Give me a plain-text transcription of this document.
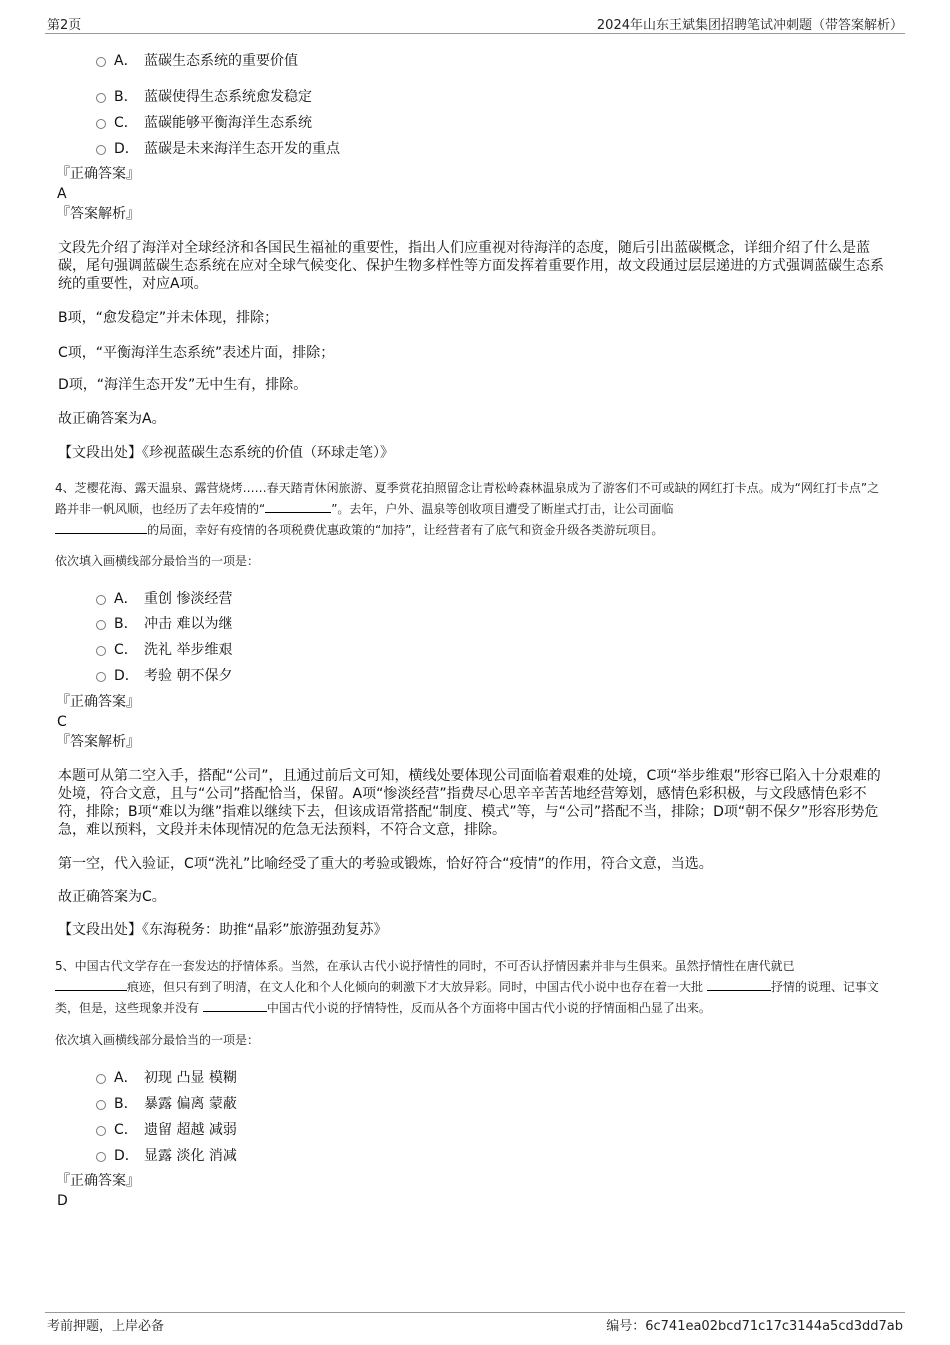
第2页	2024年山东王斌集团招聘笔试冲刺题（带答案解析）
A． 蓝碳生态系统的重要价值
B． 蓝碳使得生态系统愈发稳定
C． 蓝碳能够平衡海洋生态系统
D． 蓝碳是未来海洋生态开发的重点
『正确答案』
A
『答案解析』
文段先介绍了海洋对全球经济和各国民生福祉的重要性，指出人们应重视对待海洋的态度，随后引出蓝碳概念，详细介绍了什么是蓝碳，尾句强调蓝碳生态系统在应对全球气候变化、保护生物多样性等方面发挥着重要作用，故文段通过层层递进的方式强调蓝碳生态系统的重要性，对应A项。
B项，“愈发稳定”并未体现，排除；
C项，“平衡海洋生态系统”表述片面，排除；
D项，“海洋生态开发”无中生有，排除。
故正确答案为A。
【文段出处】《珍视蓝碳生态系统的价值（环球走笔）》
4、芝樱花海、露天温泉、露营烧烤……春天踏青休闲旅游、夏季赏花拍照留念让青松岭森林温泉成为了游客们不可或缺的网红打卡点。成为“网红打卡点”之路并非一帆风顺，也经历了去年疫情的“	”。去年，户外、温泉等创收项目遭受了断崖式打击，让公司面临
的局面，幸好有疫情的各项税费优惠政策的“加持”，让经营者有了底气和资金升级各类游玩项目。
依次填入画横线部分最恰当的一项是：
A． 重创 惨淡经营
B． 冲击 难以为继
C． 洗礼 举步维艰
D． 考验 朝不保夕
『正确答案』
C
『答案解析』
本题可从第二空入手，搭配“公司”，且通过前后文可知，横线处要体现公司面临着艰难的处境，C项“举步维艰”形容已陷入十分艰难的处境，符合文意，且与“公司”搭配恰当，保留。A项“惨淡经营”指费尽心思辛辛苦苦地经营筹划，感情色彩积极，与文段感情色彩不符，排除；B项“难以为继”指难以继续下去，但该成语常搭配“制度、模式”等，与“公司”搭配不当，排除；D项“朝不保夕”形容形势危急，难以预料，文段并未体现情况的危急无法预料，不符合文意，排除。
第一空，代入验证，C项“洗礼”比喻经受了重大的考验或锻炼，恰好符合“疫情”的作用，符合文意，当选。
故正确答案为C。
【文段出处】《东海税务：助推“晶彩”旅游强劲复苏》
5、中国古代文学存在一套发达的抒情体系。当然，在承认古代小说抒情性的同时，不可否认抒情因素并非与生俱来。虽然抒情性在唐代就已
痕迹，但只有到了明清，在文人化和个人化倾向的刺激下才大放异彩。同时，中国古代小说中也存在着一大批	抒情的说理、记事文类，但是，这些现象并没有	中国古代小说的抒情特性，反而从各个方面将中国古代小说的抒情面相凸显了出来。
依次填入画横线部分最恰当的一项是：
A． 初现 凸显 模糊
B． 暴露 偏离 蒙蔽
C． 遗留 超越 减弱
D． 显露 淡化 消减
『正确答案』
D
考前押题，上岸必备	编号：6c741ea02bcd71c17c3144a5cd3dd7ab
